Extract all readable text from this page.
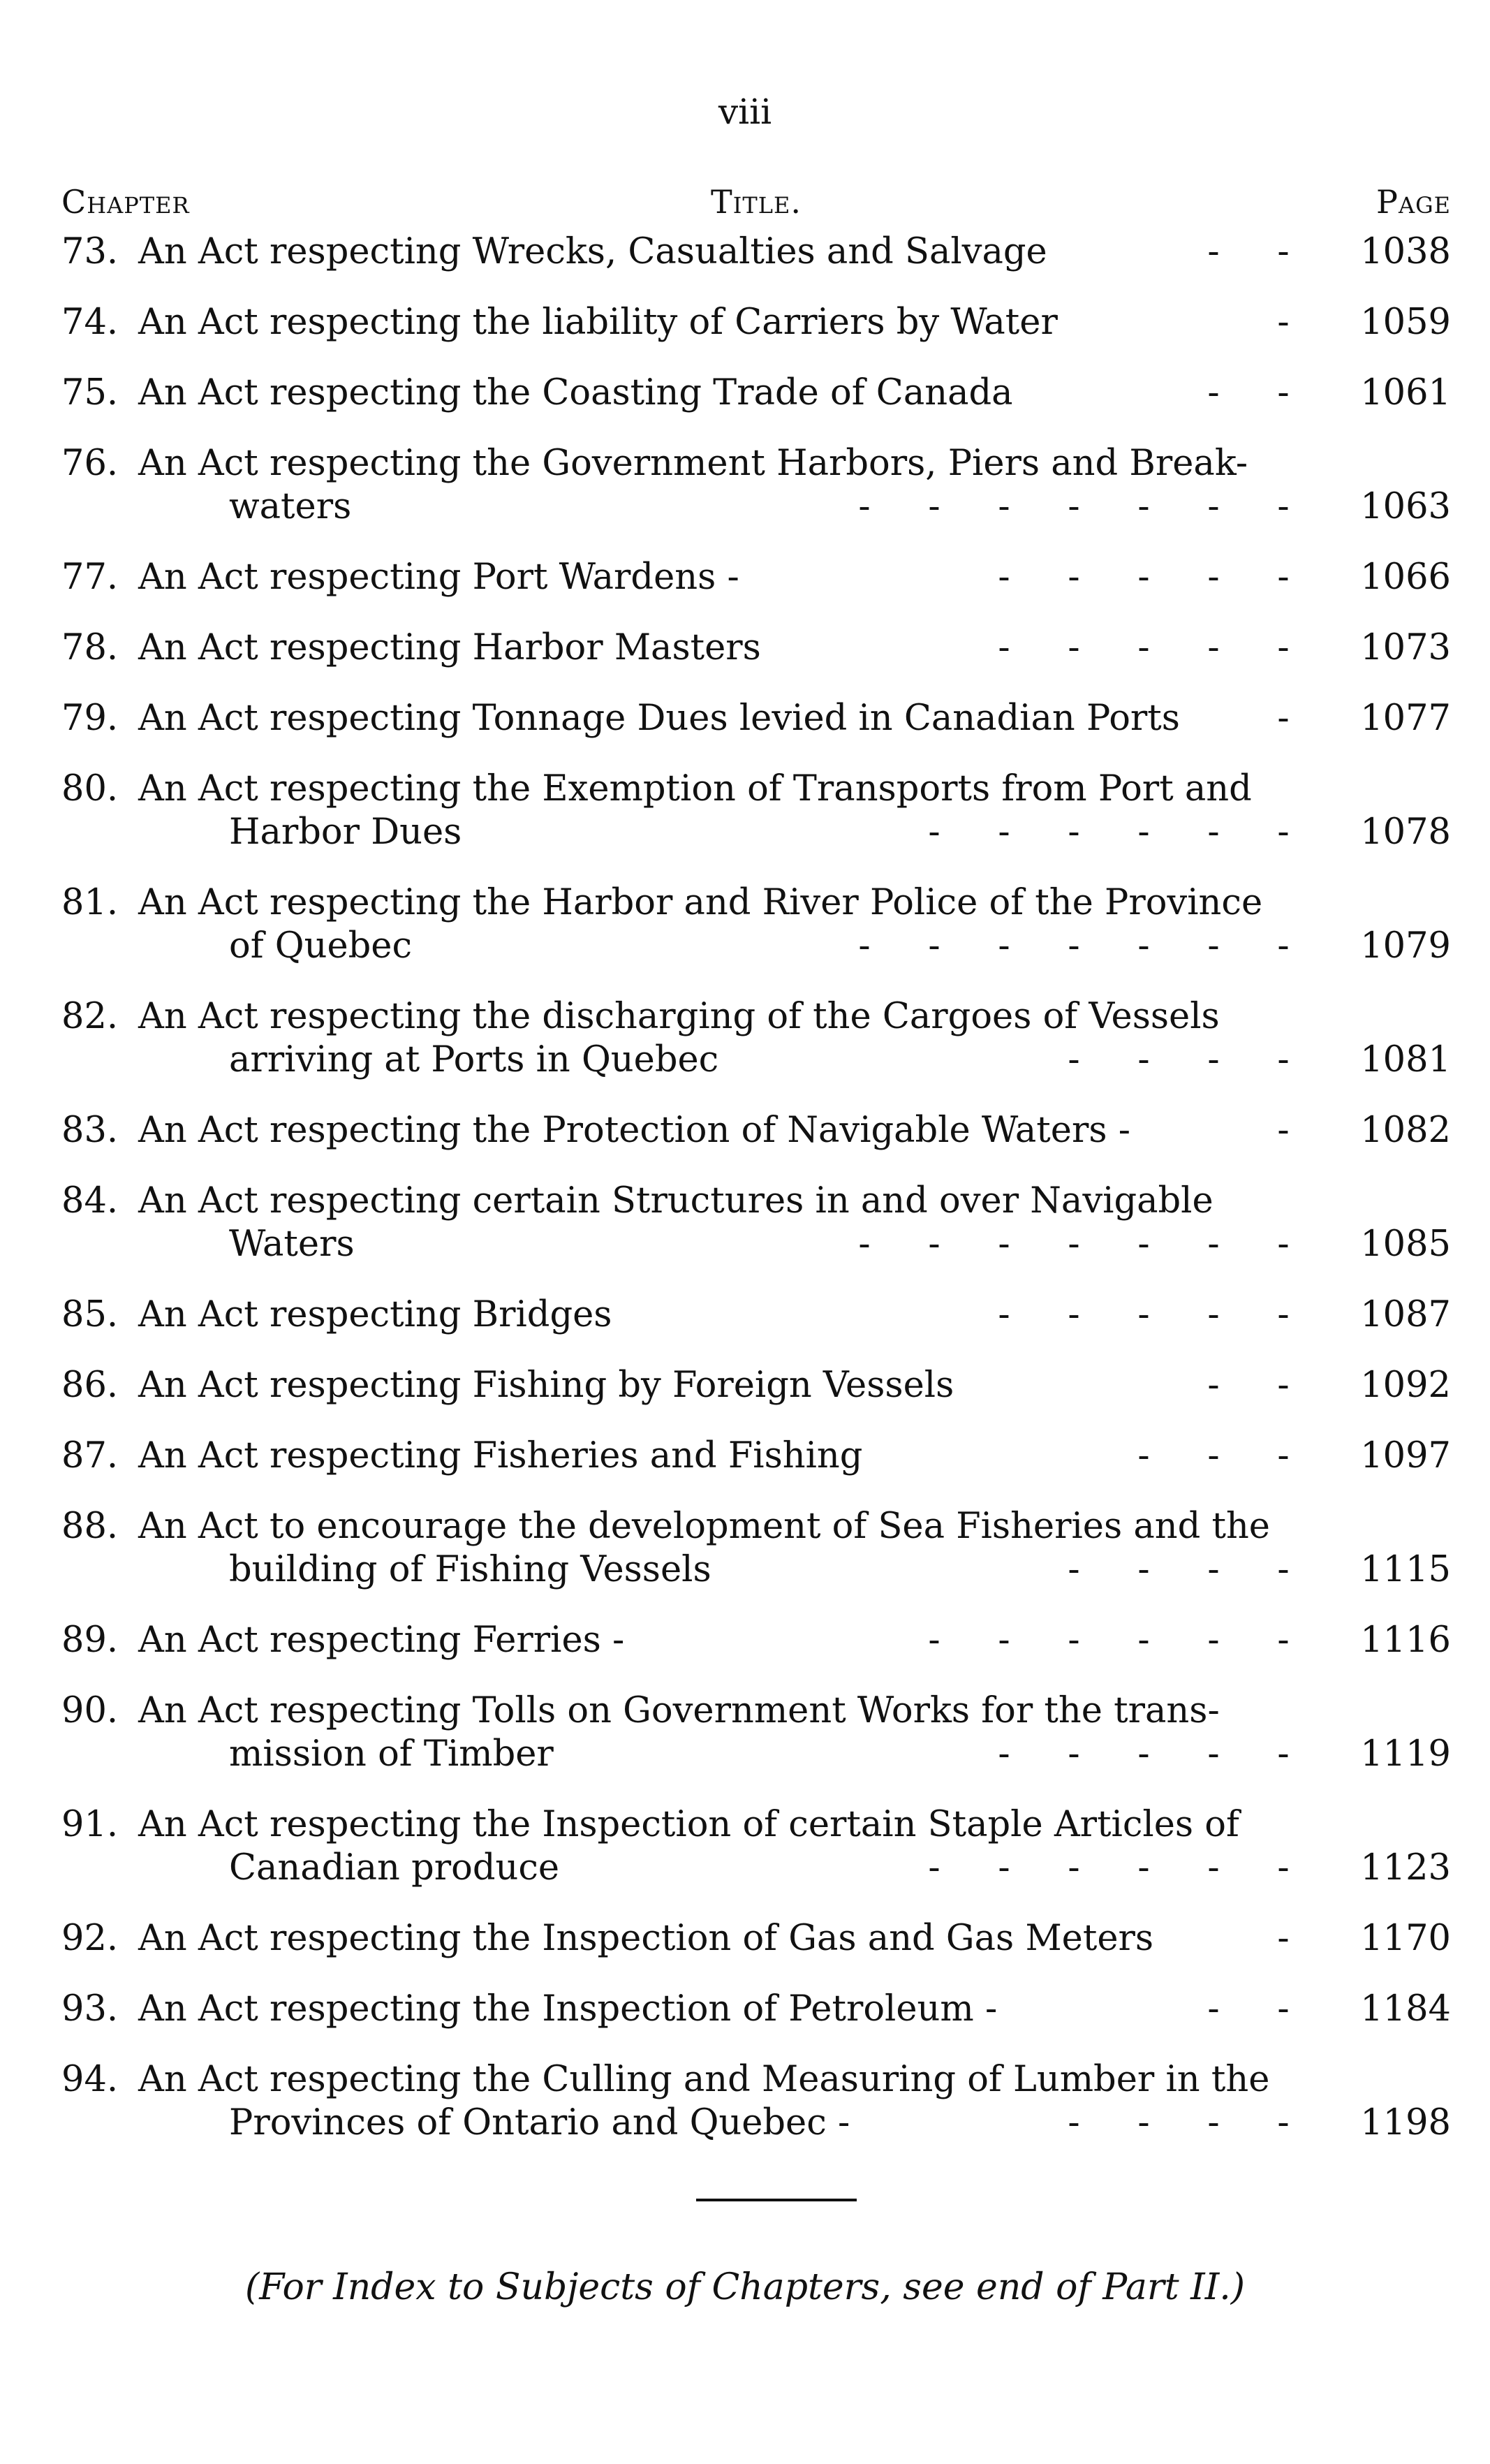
viii
Chapter	Title.	Page
73. An Act respecting Wrecks, Casualties and Salvage	- -	1038
74. An Act respecting the liability of Carriers by Water	-	1059
75. An Act respecting the Coasting Trade of Canada	- -	1061
76. An Act respecting the Government Harbors, Piers and Break-
waters	- - - - - - -	1063
77. An Act respecting Port Wardens -	- - - - -	1066
78. An Act respecting Harbor Masters	- - - - -	1073
79. An Act respecting Tonnage Dues levied in Canadian Ports	-	1077
80. An Act respecting the Exemption of Transports from Port and
Harbor Dues	- - - - - -	1078
81. An Act respecting the Harbor and River Police of the Province
of Quebec	- - - - - - -	1079
82. An Act respecting the discharging of the Cargoes of Vessels
arriving at Ports in Quebec	- - - -	1081
83. An Act respecting the Protection of Navigable Waters -	-	1082
84. An Act respecting certain Structures in and over Navigable
Waters	- - - - - - -	1085
85. An Act respecting Bridges	- - - - -	1087
86. An Act respecting Fishing by Foreign Vessels	- -	1092
87. An Act respecting Fisheries and Fishing	- - -	1097
88. An Act to encourage the development of Sea Fisheries and the
building of Fishing Vessels	- - - -	1115
89. An Act respecting Ferries -	- - - - - -	1116
90. An Act respecting Tolls on Government Works for the trans-
mission of Timber	- - - - -	1119
91. An Act respecting the Inspection of certain Staple Articles of
Canadian produce	- - - - - -	1123
92. An Act respecting the Inspection of Gas and Gas Meters	-	1170
93. An Act respecting the Inspection of Petroleum -	- -	1184
94. An Act respecting the Culling and Measuring of Lumber in the
Provinces of Ontario and Quebec -	- - - -	1198
(For Index to Subjects of Chapters, see end of Part II.)
